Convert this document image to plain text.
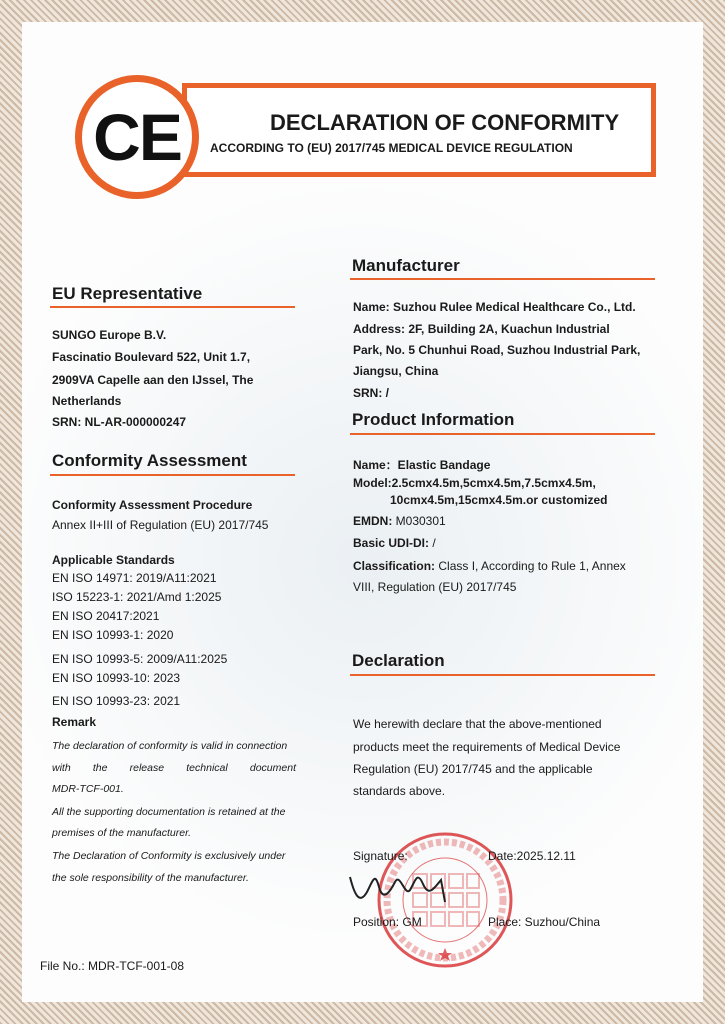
CE	DECLARATION OF CONFORMITY
ACCORDING TO (EU) 2017/745 MEDICAL DEVICE REGULATION
EU Representative
SUNGO Europe B.V.
Fascinatio Boulevard 522, Unit 1.7,
2909VA Capelle aan den IJssel, The
Netherlands
SRN: NL-AR-000000247
Conformity Assessment
Conformity Assessment Procedure
Annex II+III of Regulation (EU) 2017/745
Applicable Standards
EN ISO 14971: 2019/A11:2021
ISO 15223-1: 2021/Amd 1:2025
EN ISO 20417:2021
EN ISO 10993-1: 2020
EN ISO 10993-5: 2009/A11:2025
EN ISO 10993-10: 2023
EN ISO 10993-23: 2021
Remark
The declaration of conformity is valid in connection
with the release technical document
MDR-TCF-001.
All the supporting documentation is retained at the
premises of the manufacturer.
The Declaration of Conformity is exclusively under
the sole responsibility of the manufacturer.
Manufacturer
Name: Suzhou Rulee Medical Healthcare Co., Ltd.
Address: 2F, Building 2A, Kuachun Industrial
Park, No. 5 Chunhui Road, Suzhou Industrial Park,
Jiangsu, China
SRN: /
Product Information
Name：Elastic Bandage
Model:2.5cmx4.5m,5cmx4.5m,7.5cmx4.5m,
10cmx4.5m,15cmx4.5m.or customized
EMDN: M030301
Basic UDI-DI: /
Classification: Class I, According to Rule 1, Annex
VIII, Regulation (EU) 2017/745
Declaration
We herewith declare that the above-mentioned
products meet the requirements of Medical Device
Regulation (EU) 2017/745 and the applicable
standards above.
Signature:	Date:2025.12.11
Position: GM	Place: Suzhou/China
File No.: MDR-TCF-001-08
